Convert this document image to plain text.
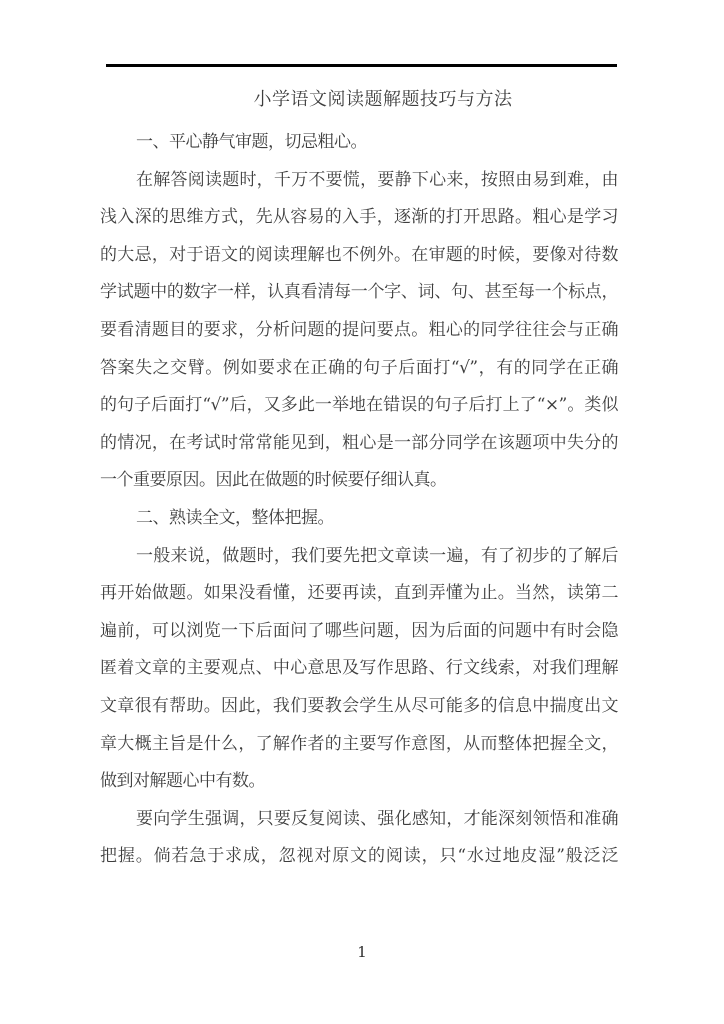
小学语文阅读题解题技巧与方法
一、平心静气审题，切忌粗心。
在解答阅读题时，千万不要慌，要静下心来，按照由易到难，由
浅入深的思维方式，先从容易的入手，逐渐的打开思路。粗心是学习
的大忌，对于语文的阅读理解也不例外。在审题的时候，要像对待数
学试题中的数字一样，认真看清每一个字、词、句、甚至每一个标点，
要看清题目的要求，分析问题的提问要点。粗心的同学往往会与正确
答案失之交臂。例如要求在正确的句子后面打“√”，有的同学在正确
的句子后面打“√”后，又多此一举地在错误的句子后打上了“×”。类似
的情况，在考试时常常能见到，粗心是一部分同学在该题项中失分的
一个重要原因。因此在做题的时候要仔细认真。
二、熟读全文，整体把握。
一般来说，做题时，我们要先把文章读一遍，有了初步的了解后
再开始做题。如果没看懂，还要再读，直到弄懂为止。当然，读第二
遍前，可以浏览一下后面问了哪些问题，因为后面的问题中有时会隐
匿着文章的主要观点、中心意思及写作思路、行文线索，对我们理解
文章很有帮助。因此，我们要教会学生从尽可能多的信息中揣度出文
章大概主旨是什么，了解作者的主要写作意图，从而整体把握全文，
做到对解题心中有数。
要向学生强调，只要反复阅读、强化感知，才能深刻领悟和准确
把握。倘若急于求成，忽视对原文的阅读，只“水过地皮湿”般泛泛
1
